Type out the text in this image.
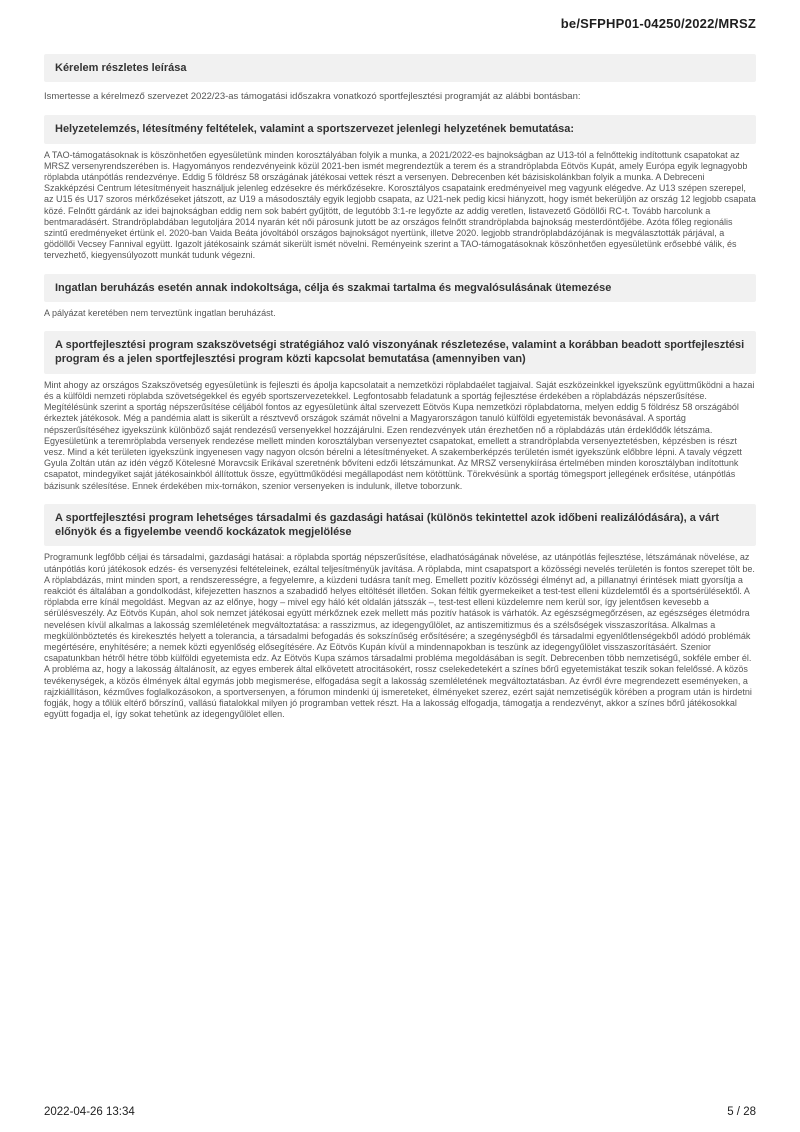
be/SFPHP01-04250/2022/MRSZ
Kérelem részletes leírása

Ismertesse a kérelmező szervezet 2022/23-as támogatási időszakra vonatkozó sportfejlesztési programját az alábbi bontásban:

Helyzetelemzés, létesítmény feltételek, valamint a sportszervezet jelenlegi helyzetének bemutatása:

A TAO-támogatásoknak is köszönhetően egyesületünk minden korosztályában folyik a munka, a 2021/2022-es bajnokságban az U13-tól a felnőttekig indítottunk csapatokat az MRSZ versenyrendszerében is. Hagyományos rendezvényeink közül 2021-ben ismét megrendeztük a terem és a strandröplabda Eötvös Kupát, amely Európa egyik legnagyobb röplabda utánpótlás rendezvénye. Eddig 5 földrész 58 országának játékosai vettek részt a versenyen. Debrecenben két bázisiskolánkban folyik a munka. A Debreceni Szakképzési Centrum létesítményeit használjuk jelenleg edzésekre és mérkőzésekre. Korosztályos csapataink eredményeivel meg vagyunk elégedve. Az U13 szépen szerepel, az U15 és U17 szoros mérkőzéseket játszott, az U19 a másodosztály egyik legjobb csapata, az U21-nek pedig kicsi hiányzott, hogy ismét bekerüljön az ország 12 legjobb csapata közé. Felnőtt gárdánk az idei bajnokságban eddig nem sok babért gyűjtött, de legutóbb 3:1-re legyőzte az addig veretlen, listavezető Gödöllői RC-t. Tovább harcolunk a bentmaradásért. Strandröplabdában legutoljára 2014 nyarán két női párosunk jutott be az országos felnőtt strandröplabda bajnokság mesterdöntőjébe. Azóta főleg regionális szintű eredményeket értünk el. 2020-ban Vaida Beáta jóvoltából országos bajnokságot nyertünk, illetve 2020. legjobb strandröplabdázójának is megválasztották párjával, a gödöllői Vecsey Fannival együtt. Igazolt játékosaink számát sikerült ismét növelni. Reményeink szerint a TAO-támogatásoknak köszönhetően egyesületünk erősebbé válik, és tervezhető, kiegyensúlyozott munkát tudunk végezni.

Ingatlan beruházás esetén annak indokoltsága, célja és szakmai tartalma és megvalósulásának ütemezése

A pályázat keretében nem terveztünk ingatlan beruházást.

A sportfejlesztési program szakszövetségi stratégiához való viszonyának részletezése, valamint a korábban beadott sportfejlesztési program és a jelen sportfejlesztési program közti kapcsolat bemutatása (amennyiben van)

Mint ahogy az országos Szakszövetség egyesületünk is fejleszti és ápolja kapcsolatait a nemzetközi röplabdaélet tagjaival. Saját eszközeinkkel igyekszünk együttműködni a hazai és a külföldi nemzeti röplabda szövetségekkel és egyéb sportszervezetekkel. Legfontosabb feladatunk a sportág fejlesztése érdekében a röplabdázás népszerűsítése. Megítélésünk szerint a sportág népszerűsítése céljából fontos az egyesületünk által szervezett Eötvös Kupa nemzetközi röplabdatorna, melyen eddig 5 földrész 58 országából érkeztek játékosok. Még a pandémia alatt is sikerült a résztvevő országok számát növelni a Magyarországon tanuló külföldi egyetemisták bevonásával. A sportág népszerűsítéséhez igyekszünk különböző saját rendezésű versenyekkel hozzájárulni. Ezen rendezvények után érezhetően nő a röplabdázás után érdeklődők létszáma. Egyesületünk a teremröplabda versenyek rendezése mellett minden korosztályban versenyeztet csapatokat, emellett a strandröplabda versenyeztetésben, képzésben is részt vesz. Mind a két területen igyekszünk ingyenesen vagy nagyon olcsón bérelni a létesítményeket. A szakemberképzés területén ismét igyekszünk előbbre lépni. A tavaly végzett Gyula Zoltán után az idén végző Kötelesné Moravcsik Erikával szeretnénk bővíteni edzői létszámunkat. Az MRSZ versenykiírása értelmében minden korosztályban indítottunk csapatot, mindegyiket saját játékosainkból állítottuk össze, együttműködési megállapodást nem kötöttünk. Törekvésünk a sportág tömegsport jellegének erősítése, utánpótlás bázisunk szélesítése. Ennek érdekében mix-tornákon, szenior versenyeken is indulunk, illetve toborzunk.

A sportfejlesztési program lehetséges társadalmi és gazdasági hatásai (különös tekintettel azok időbeni realizálódására), a várt előnyök és a figyelembe veendő kockázatok megjelölése

Programunk legfőbb céljai és társadalmi, gazdasági hatásai: a röplabda sportág népszerűsítése, eladhatóságának növelése, az utánpótlás fejlesztése, létszámának növelése, az utánpótlás korú játékosok edzés- és versenyzési feltételeinek, ezáltal teljesítményük javítása. A röplabda, mint csapatsport a közösségi nevelés területén is fontos szerepet tölt be. A röplabdázás, mint minden sport, a rendszerességre, a fegyelemre, a küzdeni tudásra tanít meg. Emellett pozitív közösségi élményt ad, a pillanatnyi érintések miatt gyorsítja a reakciót és általában a gondolkodást, kifejezetten hasznos a szabadidő helyes eltöltését illetően. Sokan féltik gyermekeiket a test-test elleni küzdelemtől és a sportsérülésektől. A röplabda erre kínál megoldást. Megvan az az előnye, hogy – mivel egy háló két oldalán játsszák –, test-test elleni küzdelemre nem kerül sor, így jelentősen kevesebb a sérülésveszély. Az Eötvös Kupán, ahol sok nemzet játékosai együtt mérkőznek ezek mellett más pozitív hatások is várhatók. Az egészségmegőrzésen, az egészséges életmódra nevelésen kívül alkalmas a lakosság szemléletének megváltoztatása: a rasszizmus, az idegengyűlölet, az antiszemitizmus és a szélsőségek visszaszorítása. Alkalmas a megkülönböztetés és kirekesztés helyett a tolerancia, a társadalmi befogadás és sokszínűség erősítésére; a szegénységből és társadalmi egyenlőtlenségekből adódó problémák megértésére, enyhítésére; a nemek közti egyenlőség elősegítésére. Az Eötvös Kupán kívül a mindennapokban is teszünk az idegengyűlölet visszaszorításáért. Szenior csapatunkban hétről hétre több külföldi egyetemista edz. Az Eötvös Kupa számos társadalmi probléma megoldásában is segít. Debrecenben több nemzetiségű, sokféle ember él. A probléma az, hogy a lakosság általánosít, az egyes emberek által elkövetett atrocitásokért, rossz cselekedetekért a színes bőrű egyetemistákat teszik sokan felelőssé. A közös tevékenységek, a közös élmények által egymás jobb megismerése, elfogadása segít a lakosság szemléletének megváltoztatásban. Az évről évre megrendezett eseményeken, a rajzkiállításon, kézműves foglalkozásokon, a sportversenyen, a fórumon mindenki új ismereteket, élményeket szerez, ezért saját nemzetiségük körében a program után is hirdetni fogják, hogy a tőlük eltérő bőrszínű, vallású fiatalokkal milyen jó programban vettek részt. Ha a lakosság elfogadja, támogatja a rendezvényt, akkor a színes bőrű játékosokkal együtt fogadja el, így sokat tehetünk az idegengyűlölet ellen.

2022-04-26 13:34	5 / 28
